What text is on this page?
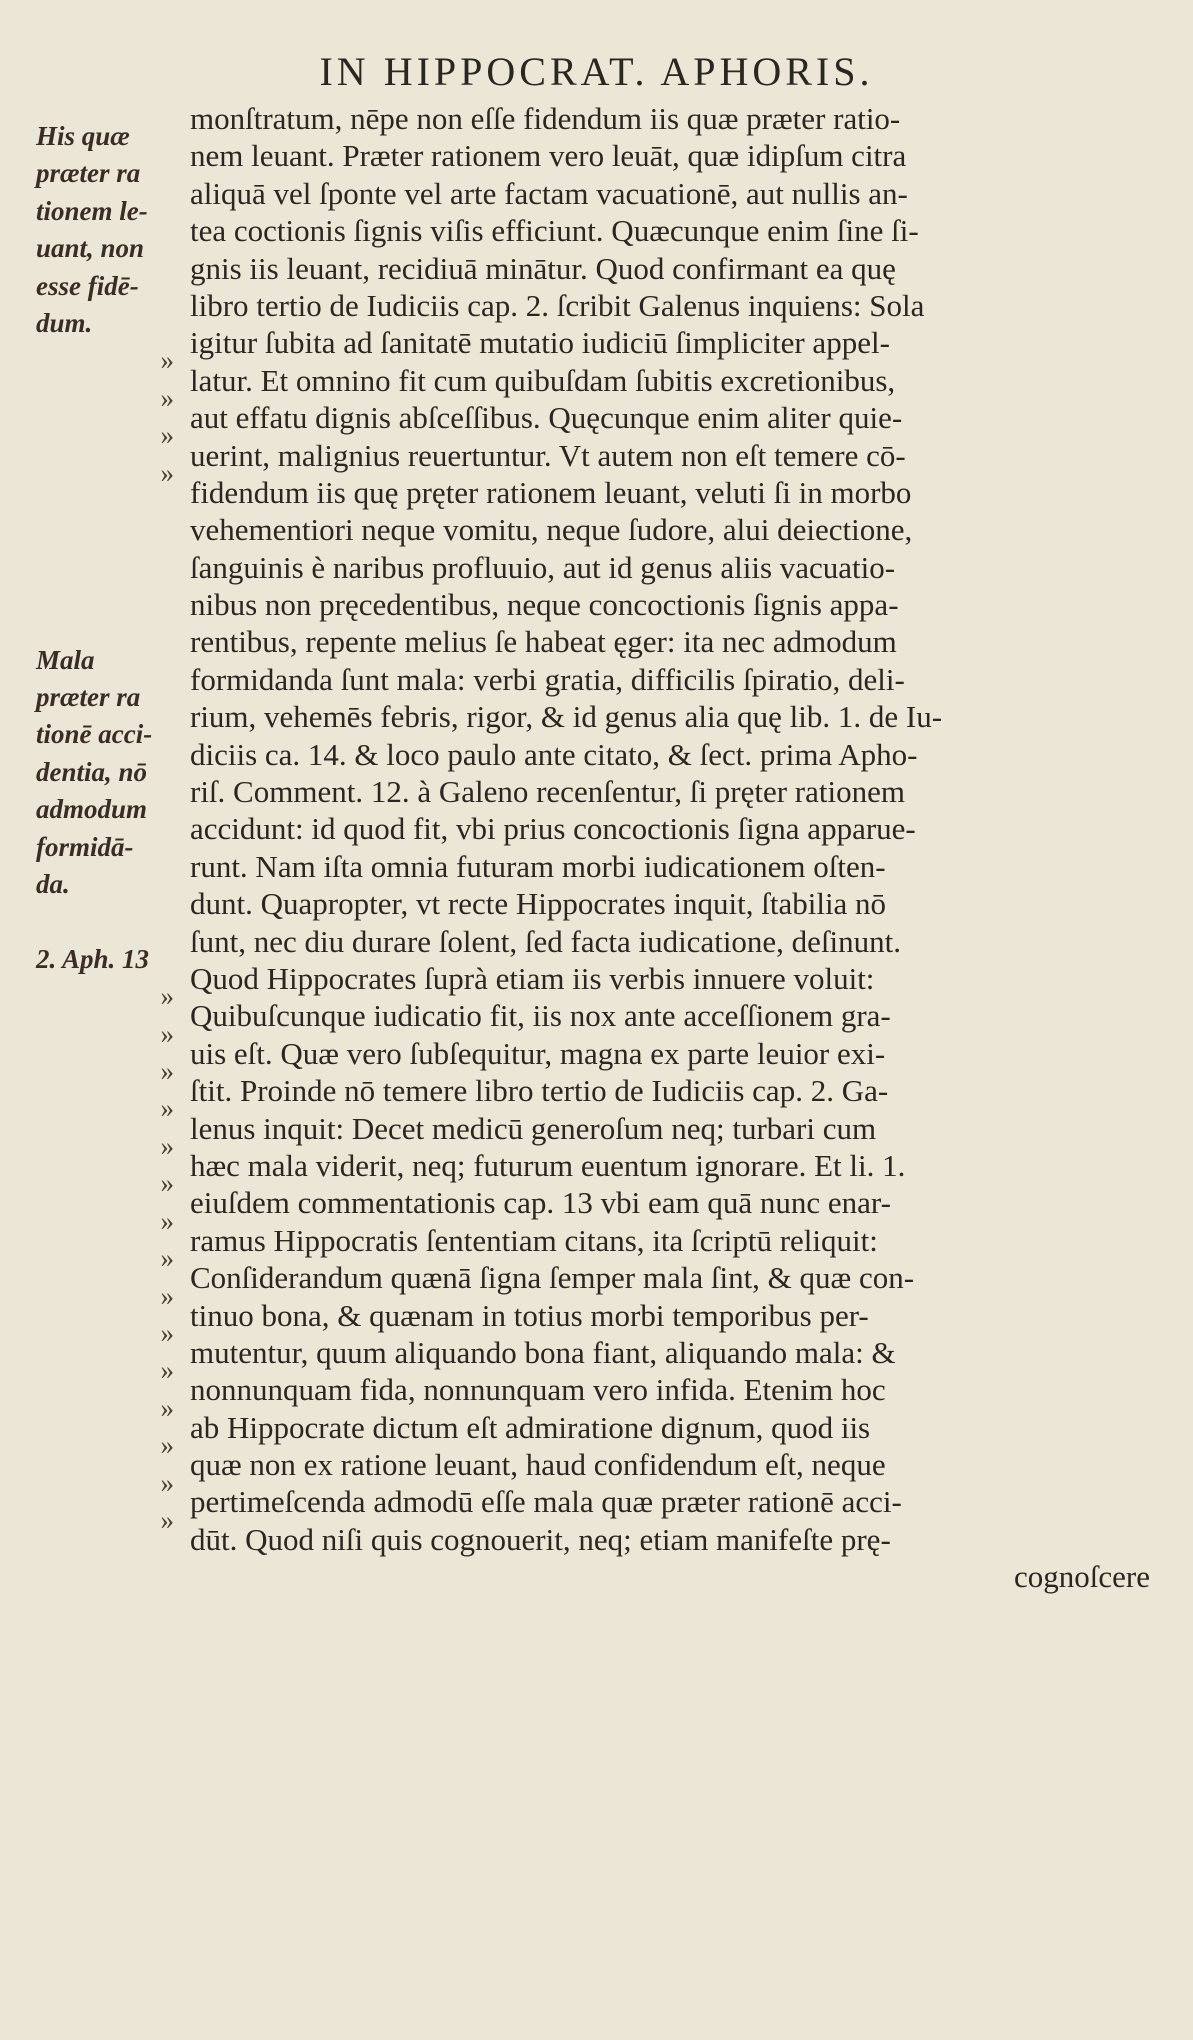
IN HIPPOCRAT. APHORIS.
His quæ
præter ra
tionem le-
uant, non
esse fidē-
dum.
»
»
»
»
Mala
præter ra
tionē acci-
dentia, nō
admodum
formidā-
da.
2. Aph. 13
»
»
»
»
»
»
»
»
»
»
»
»
»
»
»
monſtratum, nēpe non eſſe fidendum iis quæ præter ratio-
nem leuant. Præter rationem vero leuāt, quæ idipſum citra
aliquā vel ſponte vel arte factam vacuationē, aut nullis an-
tea coctionis ſignis viſis efficiunt. Quæcunque enim ſine ſi-
gnis iis leuant, recidiuā minātur. Quod confirmant ea quę
libro tertio de Iudiciis cap. 2. ſcribit Galenus inquiens: Sola
igitur ſubita ad ſanitatē mutatio iudiciū ſimpliciter appel-
latur. Et omnino fit cum quibuſdam ſubitis excretionibus,
aut effatu dignis abſceſſibus. Quęcunque enim aliter quie-
uerint, malignius reuertuntur. Vt autem non eſt temere cō-
fidendum iis quę pręter rationem leuant, veluti ſi in morbo
vehementiori neque vomitu, neque ſudore, alui deiectione,
ſanguinis è naribus profluuio, aut id genus aliis vacuatio-
nibus non pręcedentibus, neque concoctionis ſignis appa-
rentibus, repente melius ſe habeat ęger: ita nec admodum
formidanda ſunt mala: verbi gratia, difficilis ſpiratio, deli-
rium, vehemēs febris, rigor, & id genus alia quę lib. 1. de Iu-
diciis ca. 14. & loco paulo ante citato, & ſect. prima Apho-
riſ. Comment. 12. à Galeno recenſentur, ſi pręter rationem
accidunt: id quod fit, vbi prius concoctionis ſigna apparue-
runt. Nam iſta omnia futuram morbi iudicationem oſten-
dunt. Quapropter, vt recte Hippocrates inquit, ſtabilia nō
ſunt, nec diu durare ſolent, ſed facta iudicatione, deſinunt.
Quod Hippocrates ſuprà etiam iis verbis innuere voluit:
Quibuſcunque iudicatio fit, iis nox ante acceſſionem gra-
uis eſt. Quæ vero ſubſequitur, magna ex parte leuior exi-
ſtit. Proinde nō temere libro tertio de Iudiciis cap. 2. Ga-
lenus inquit: Decet medicū generoſum neq; turbari cum
hæc mala viderit, neq; futurum euentum ignorare. Et li. 1.
eiuſdem commentationis cap. 13 vbi eam quā nunc enar-
ramus Hippocratis ſententiam citans, ita ſcriptū reliquit:
Conſiderandum quænā ſigna ſemper mala ſint, & quæ con-
tinuo bona, & quænam in totius morbi temporibus per-
mutentur, quum aliquando bona fiant, aliquando mala: &
nonnunquam fida, nonnunquam vero infida. Etenim hoc
ab Hippocrate dictum eſt admiratione dignum, quod iis
quæ non ex ratione leuant, haud confidendum eſt, neque
pertimeſcenda admodū eſſe mala quæ præter rationē acci-
dūt. Quod niſi quis cognouerit, neq; etiam manifeſte prę-
cognoſcere
